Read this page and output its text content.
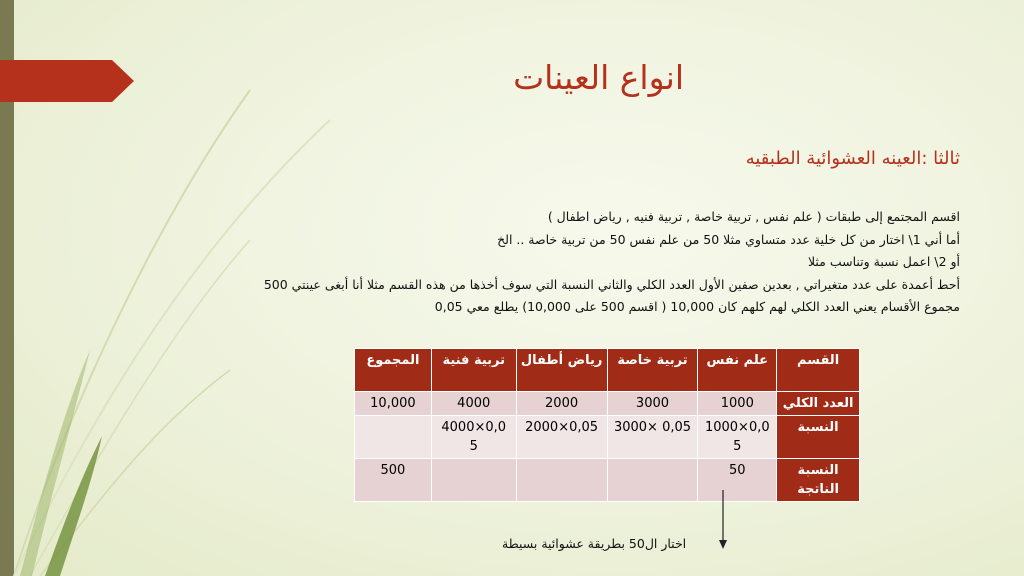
انواع العينات
ثالثا :العينه العشوائية الطبقيه
اقسم المجتمع إلى طبقات ( علم نفس , تربية خاصة , تربية فنيه , رياض اطفال )
أما أني 1\ اختار من كل خلية عدد متساوي مثلا 50 من علم نفس 50 من تربية خاصة .. الخ
أو 2\ اعمل نسبة وتناسب مثلا
أحط أعمدة على عدد متغيراتي , بعدين صفين الأول العدد الكلي والثاني النسبة التي سوف أخذها من هذه القسم مثلا أنا أبغى عينتي 500
مجموع الأقسام يعني العدد الكلي لهم كلهم كان 10,000 ( اقسم 500 على 10,000) يطلع معي 0,05
القسم	علم نفس	تربية خاصة	رياض أطفال	تربية فنية	المجموع
العدد الكلي	1000	3000	2000	4000	10,000
النسبة	0,0×1000 5	0,05 ×3000	0,05×2000	0,0×4000 5	
النسبة الناتجة	50				500
اختار ال50 بطريقة عشوائية بسيطة
